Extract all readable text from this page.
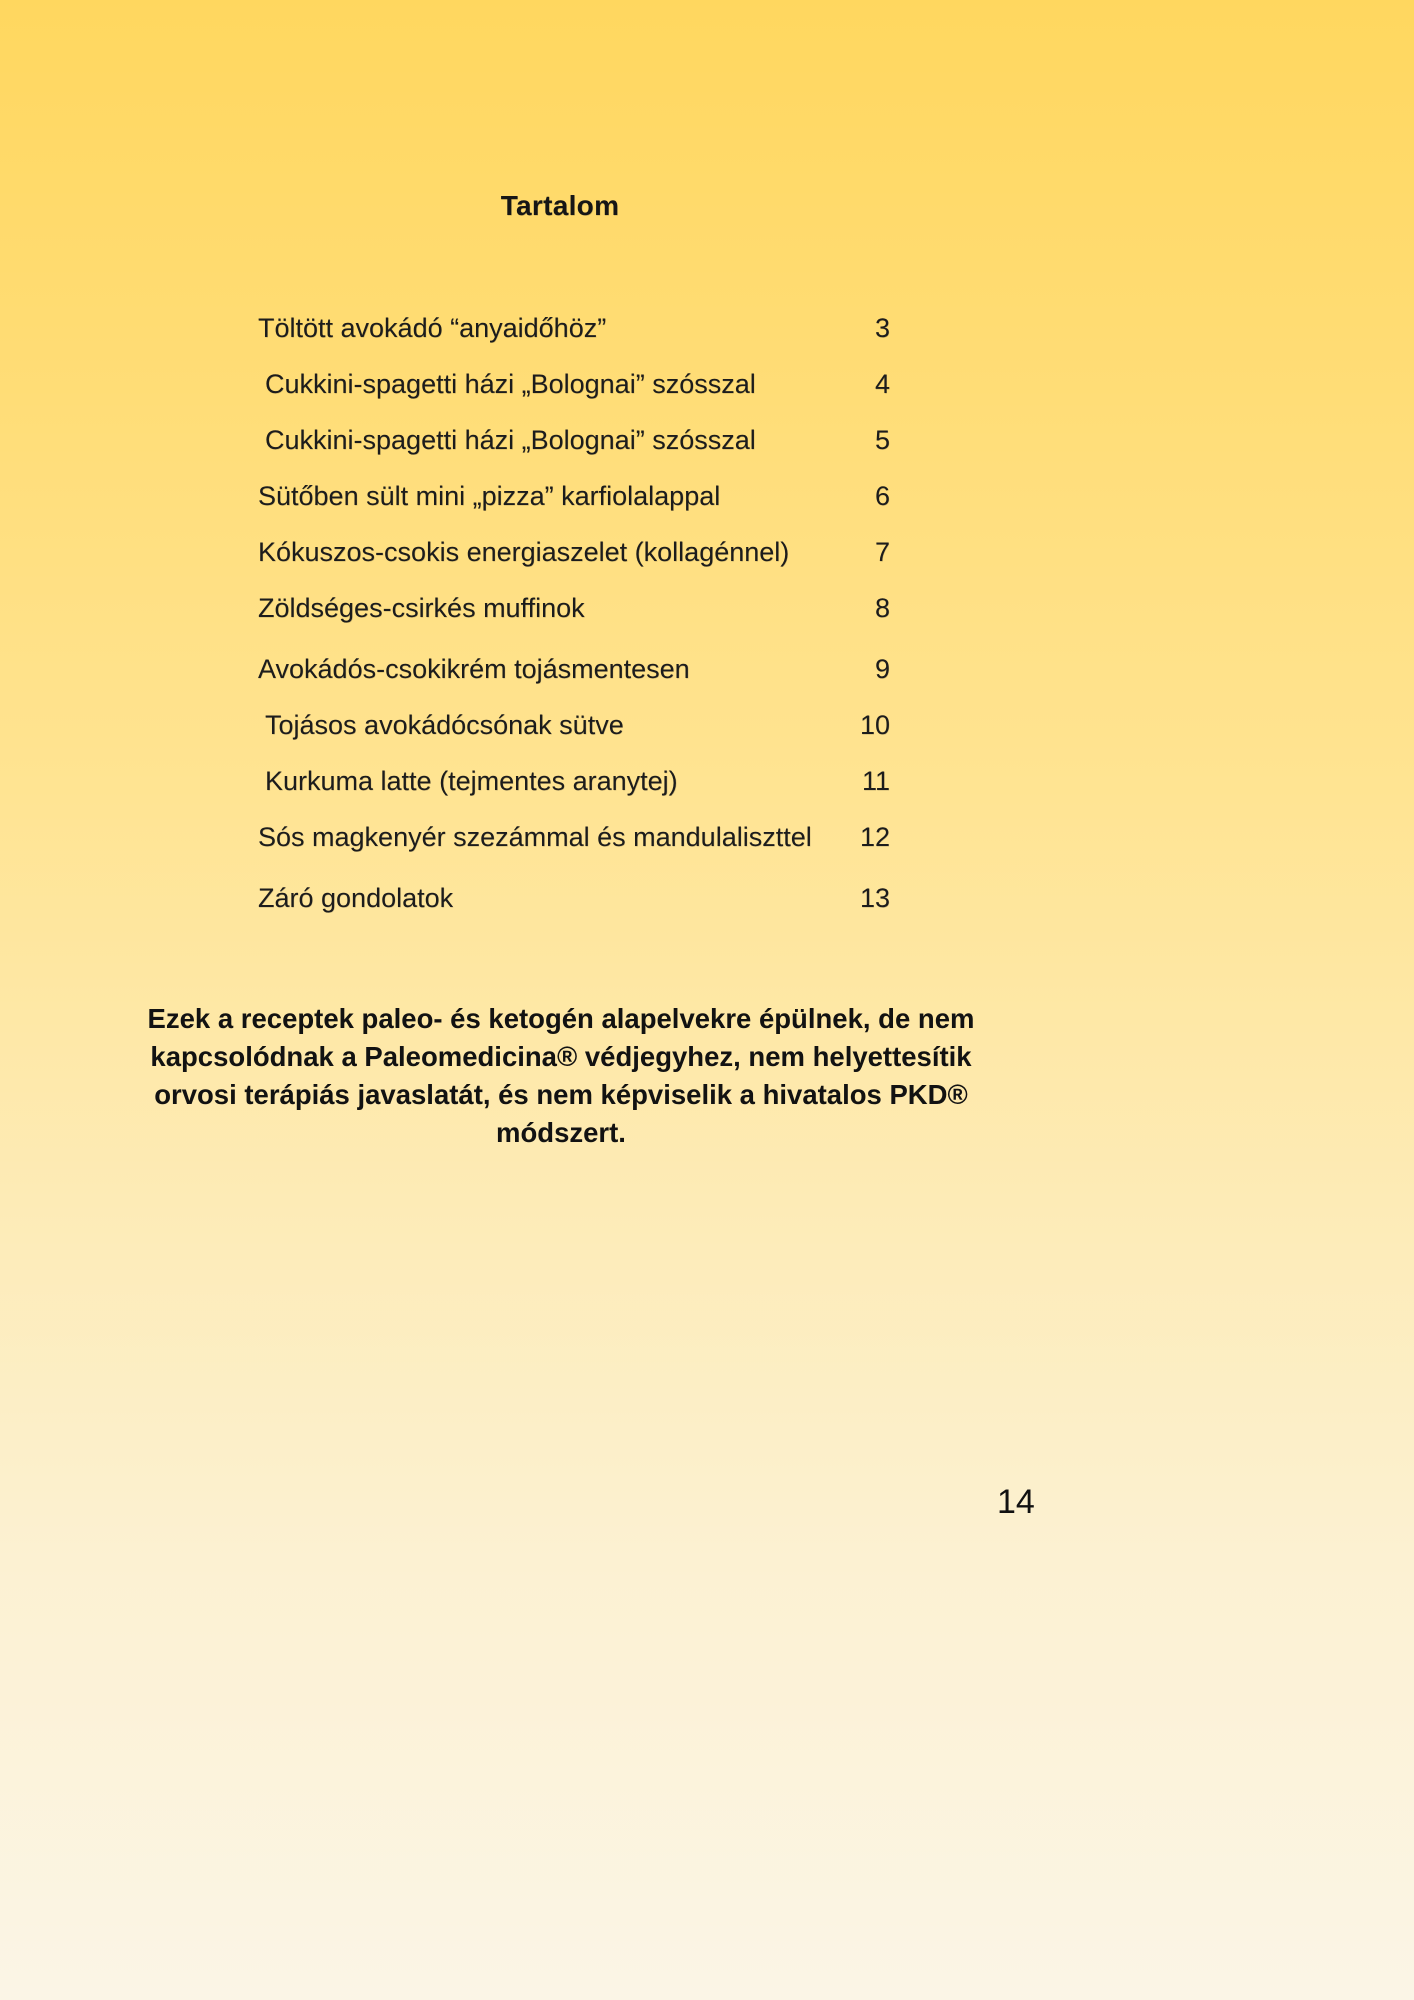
Tartalom
Töltött avokádó “anyaidőhöz”	3
Cukkini-spagetti házi „Bolognai” szósszal	4
Cukkini-spagetti házi „Bolognai” szósszal	5
Sütőben sült mini „pizza” karfiolalappal	6
Kókuszos-csokis energiaszelet (kollagénnel)	7
Zöldséges-csirkés muffinok	8
Avokádós-csokikrém tojásmentesen	9
Tojásos avokádócsónak sütve	10
Kurkuma latte (tejmentes aranytej)	11
Sós magkenyér szezámmal és mandulaliszttel	12
Záró gondolatok	13
Ezek a receptek paleo- és ketogén alapelvekre épülnek, de nem kapcsolódnak a Paleomedicina® védjegyhez, nem helyettesítik orvosi terápiás javaslatát, és nem képviselik a hivatalos PKD® módszert.
14
